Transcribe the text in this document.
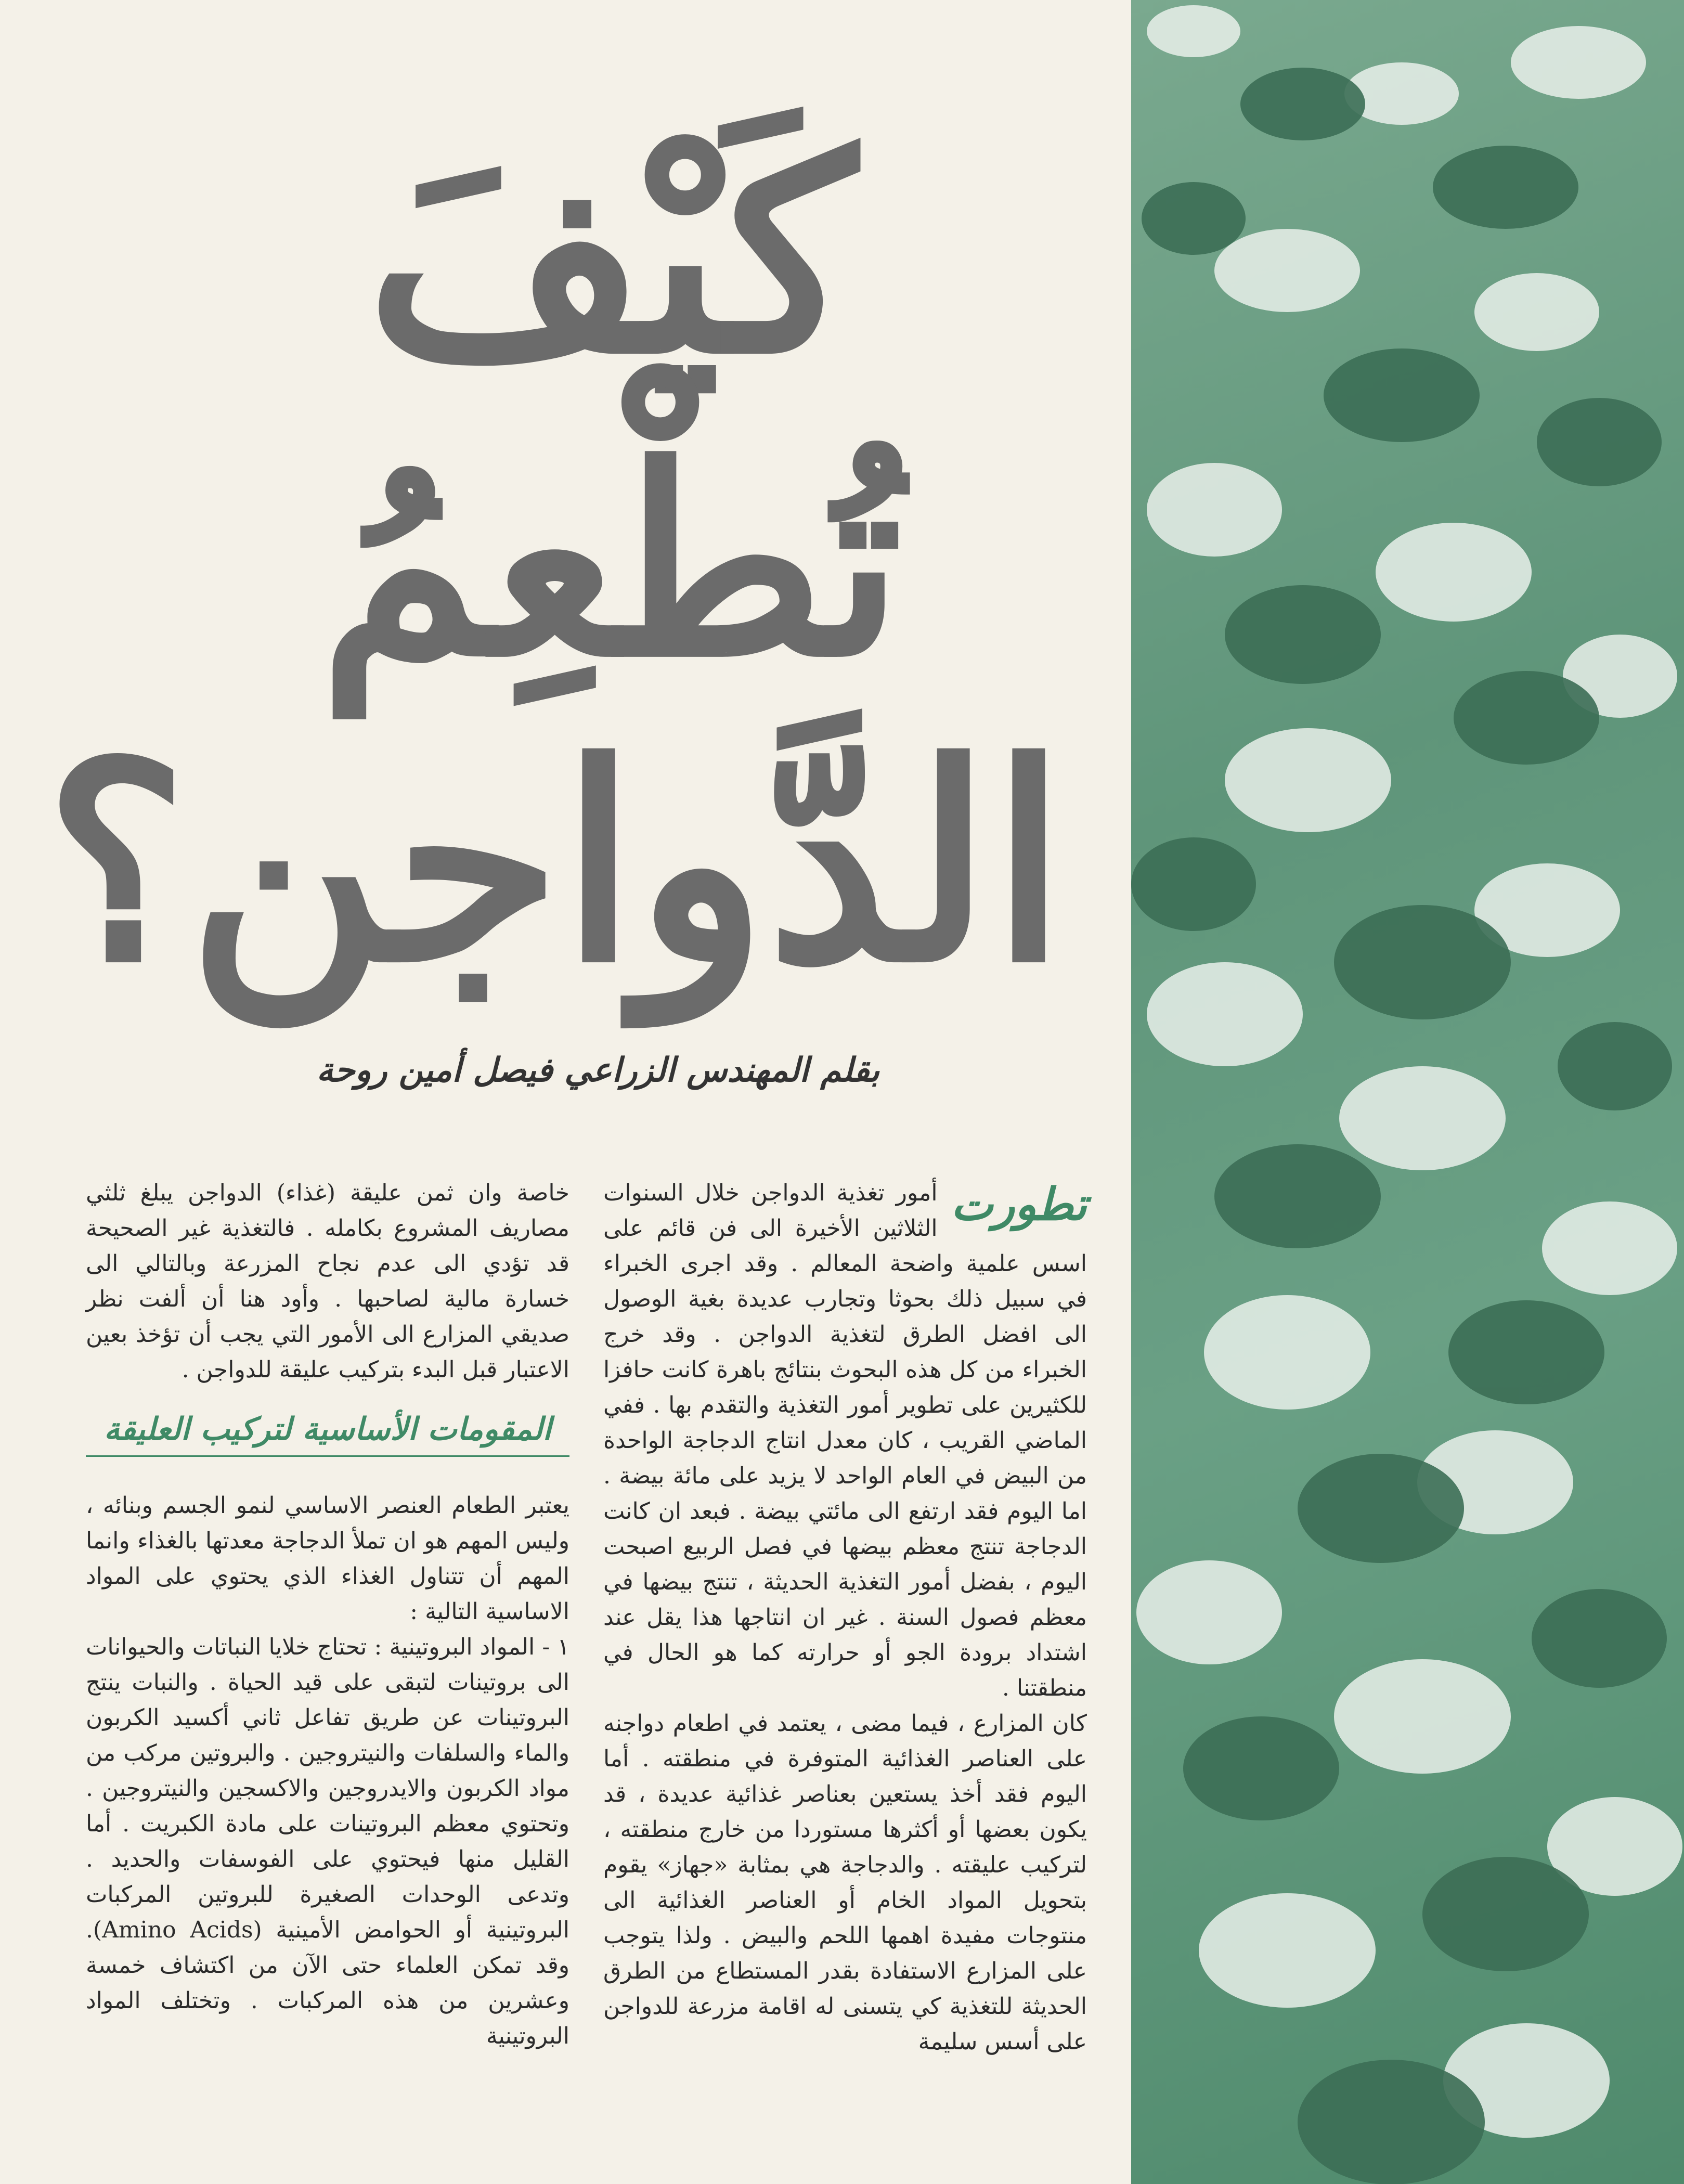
كَيْفَ
تُطْعِمُ
الدَّواجن؟
بقلم المهندس الزراعي فيصل أمين روحة
تطورت

أمور تغذية الدواجن خلال السنوات الثلاثين الأخيرة الى فن قائم على اسس علمية واضحة المعالم . وقد اجرى الخبراء في سبيل ذلك بحوثا وتجارب عديدة بغية الوصول الى افضل الطرق لتغذية الدواجن . وقد خرج الخبراء من كل هذه البحوث بنتائج باهرة كانت حافزا للكثيرين على تطوير أمور التغذية والتقدم بها . ففي الماضي القريب ، كان معدل انتاج الدجاجة الواحدة من البيض في العام الواحد لا يزيد على مائة بيضة . اما اليوم فقد ارتفع الى مائتي بيضة . فبعد ان كانت الدجاجة تنتج معظم بيضها في فصل الربيع اصبحت اليوم ، بفضل أمور التغذية الحديثة ، تنتج بيضها في معظم فصول السنة . غير ان انتاجها هذا يقل عند اشتداد برودة الجو أو حرارته كما هو الحال في منطقتنا .

كان المزارع ، فيما مضى ، يعتمد في اطعام دواجنه على العناصر الغذائية المتوفرة في منطقته . أما اليوم فقد أخذ يستعين بعناصر غذائية عديدة ، قد يكون بعضها أو أكثرها مستوردا من خارج منطقته ، لتركيب عليقته . والدجاجة هي بمثابة «جهاز» يقوم بتحويل المواد الخام أو العناصر الغذائية الى منتوجات مفيدة اهمها اللحم والبيض . ولذا يتوجب على المزارع الاستفادة بقدر المستطاع من الطرق الحديثة للتغذية كي يتسنى له اقامة مزرعة للدواجن على أسس سليمة

خاصة وان ثمن عليقة (غذاء) الدواجن يبلغ ثلثي مصاريف المشروع بكامله . فالتغذية غير الصحيحة قد تؤدي الى عدم نجاح المزرعة وبالتالي الى خسارة مالية لصاحبها . وأود هنا أن ألفت نظر صديقي المزارع الى الأمور التي يجب أن تؤخذ بعين الاعتبار قبل البدء بتركيب عليقة للدواجن .

المقومات الأساسية لتركيب العليقة

يعتبر الطعام العنصر الاساسي لنمو الجسم وبنائه ، وليس المهم هو ان تملأ الدجاجة معدتها بالغذاء وانما المهم أن تتناول الغذاء الذي يحتوي على المواد الاساسية التالية :

١ - المواد البروتينية : تحتاج خلايا النباتات والحيوانات الى بروتينات لتبقى على قيد الحياة . والنبات ينتج البروتينات عن طريق تفاعل ثاني أكسيد الكربون والماء والسلفات والنيتروجين . والبروتين مركب من مواد الكربون والايدروجين والاكسجين والنيتروجين . وتحتوي معظم البروتينات على مادة الكبريت . أما القليل منها فيحتوي على الفوسفات والحديد . وتدعى الوحدات الصغيرة للبروتين المركبات البروتينية أو الحوامض الأمينية (Amino Acids). وقد تمكن العلماء حتى الآن من اكتشاف خمسة وعشرين من هذه المركبات . وتختلف المواد البروتينية
